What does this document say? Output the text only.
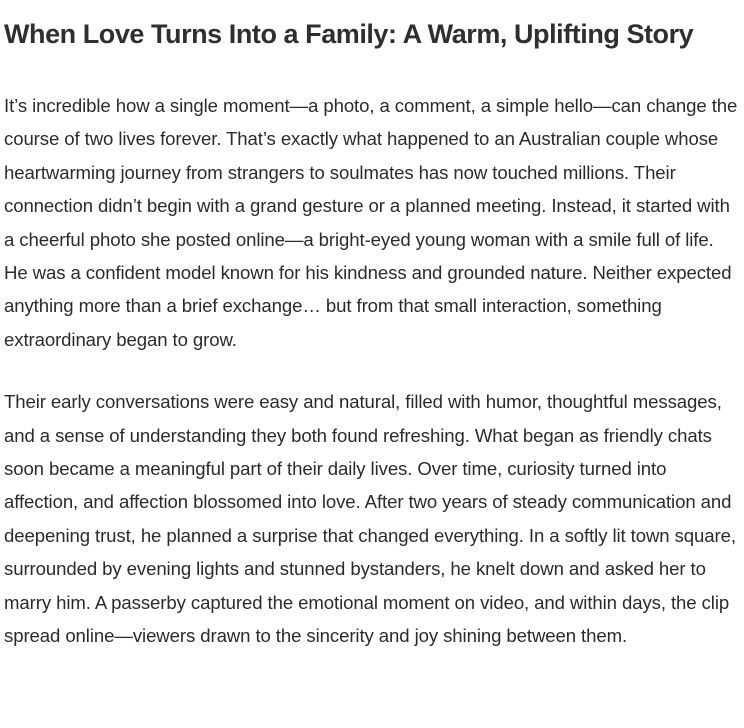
When Love Turns Into a Family: A Warm, Uplifting Story

It’s incredible how a single moment—a photo, a comment, a simple hello—can change the course of two lives forever. That’s exactly what happened to an Australian couple whose heartwarming journey from strangers to soulmates has now touched millions. Their connection didn’t begin with a grand gesture or a planned meeting. Instead, it started with a cheerful photo she posted online—a bright-eyed young woman with a smile full of life. He was a confident model known for his kindness and grounded nature. Neither expected anything more than a brief exchange… but from that small interaction, something extraordinary began to grow.

Their early conversations were easy and natural, filled with humor, thoughtful messages, and a sense of understanding they both found refreshing. What began as friendly chats soon became a meaningful part of their daily lives. Over time, curiosity turned into affection, and affection blossomed into love. After two years of steady communication and deepening trust, he planned a surprise that changed everything. In a softly lit town square, surrounded by evening lights and stunned bystanders, he knelt down and asked her to marry him. A passerby captured the emotional moment on video, and within days, the clip spread online—viewers drawn to the sincerity and joy shining between them.
